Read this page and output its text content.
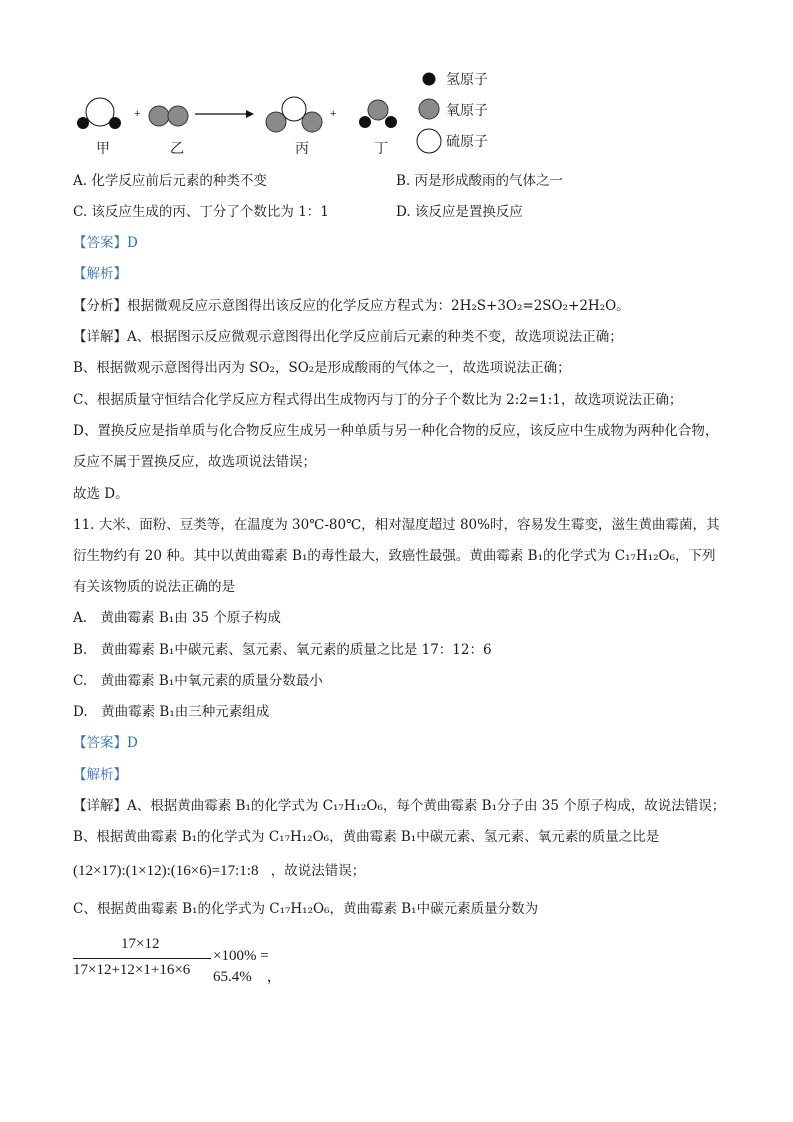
+	+
甲	乙	丙	丁
氢原子
氧原子
硫原子
A. 化学反应前后元素的种类不变	B. 丙是形成酸雨的气体之一
C. 该反应生成的丙、丁分了个数比为 1：1	D. 该反应是置换反应
【答案】D
【解析】
【分析】根据微观反应示意图得出该反应的化学反应方程式为：2H₂S+3O₂=2SO₂+2H₂O。
【详解】A、根据图示反应微观示意图得出化学反应前后元素的种类不变，故选项说法正确；
B、根据微观示意图得出丙为 SO₂，SO₂是形成酸雨的气体之一，故选项说法正确；
C、根据质量守恒结合化学反应方程式得出生成物丙与丁的分子个数比为 2:2=1:1，故选项说法正确；
D、置换反应是指单质与化合物反应生成另一种单质与另一种化合物的反应，该反应中生成物为两种化合物，
反应不属于置换反应，故选项说法错误；
故选 D。
11. 大米、面粉、豆类等，在温度为 30℃-80℃，相对湿度超过 80%时，容易发生霉变，滋生黄曲霉菌，其
衍生物约有 20 种。其中以黄曲霉素 B₁的毒性最大，致癌性最强。黄曲霉素 B₁的化学式为 C₁₇H₁₂O₆，下列
有关该物质的说法正确的是
A.　黄曲霉素 B₁由 35 个原子构成
B.　黄曲霉素 B₁中碳元素、氢元素、氧元素的质量之比是 17：12：6
C.　黄曲霉素 B₁中氧元素的质量分数最小
D.　黄曲霉素 B₁由三种元素组成
【答案】D
【解析】
【详解】A、根据黄曲霉素 B₁的化学式为 C₁₇H₁₂O₆，每个黄曲霉素 B₁分子由 35 个原子构成，故说法错误；
B、根据黄曲霉素 B₁的化学式为 C₁₇H₁₂O₆，黄曲霉素 B₁中碳元素、氢元素、氧元素的质量之比是
(12×17):(1×12):(16×6)=17:1:8 ，故说法错误；
C、根据黄曲霉素 B₁的化学式为 C₁₇H₁₂O₆，黄曲霉素 B₁中碳元素质量分数为
17×12
17×12+12×1+16×6
×100% = 65.4%　，
